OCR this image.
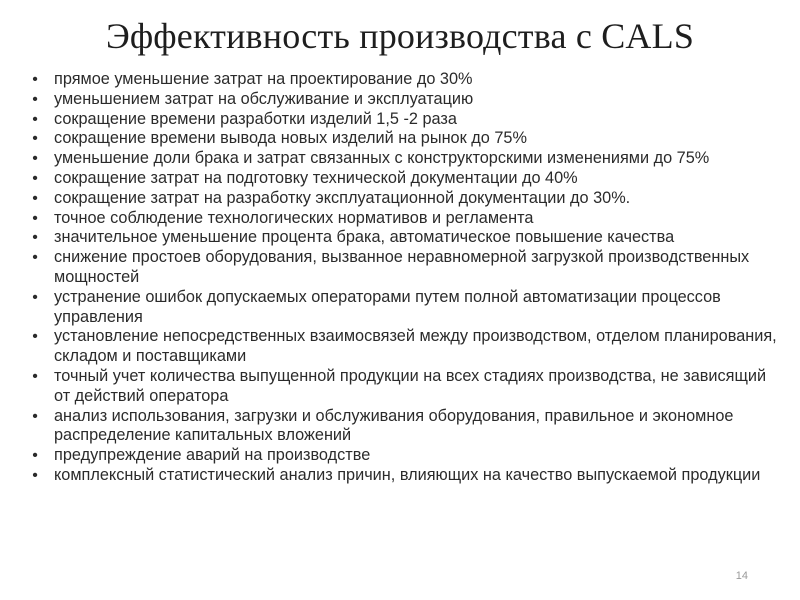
Эффективность производства с CALS
• прямое уменьшение затрат на проектирование до 30%
• уменьшением затрат на обслуживание и эксплуатацию
• сокращение времени разработки изделий 1,5 -2 раза
• сокращение времени вывода новых изделий на рынок до 75%
• уменьшение доли брака и затрат связанных с конструкторскими изменениями до 75%
• сокращение затрат на подготовку технической документации до 40%
• сокращение затрат на разработку эксплуатационной документации до 30%.
• точное соблюдение технологических нормативов и регламента
• значительное уменьшение процента брака, автоматическое повышение качества
• снижение простоев оборудования, вызванное неравномерной загрузкой производственных мощностей
• устранение ошибок допускаемых операторами путем полной автоматизации процессов управления
• установление непосредственных взаимосвязей между производством, отделом планирования, складом и поставщиками
• точный учет количества выпущенной продукции на всех стадиях производства, не зависящий от действий оператора
• анализ использования, загрузки и обслуживания оборудования, правильное и экономное распределение капитальных вложений
• предупреждение аварий на производстве
• комплексный статистический анализ причин, влияющих на качество выпускаемой продукции
14
